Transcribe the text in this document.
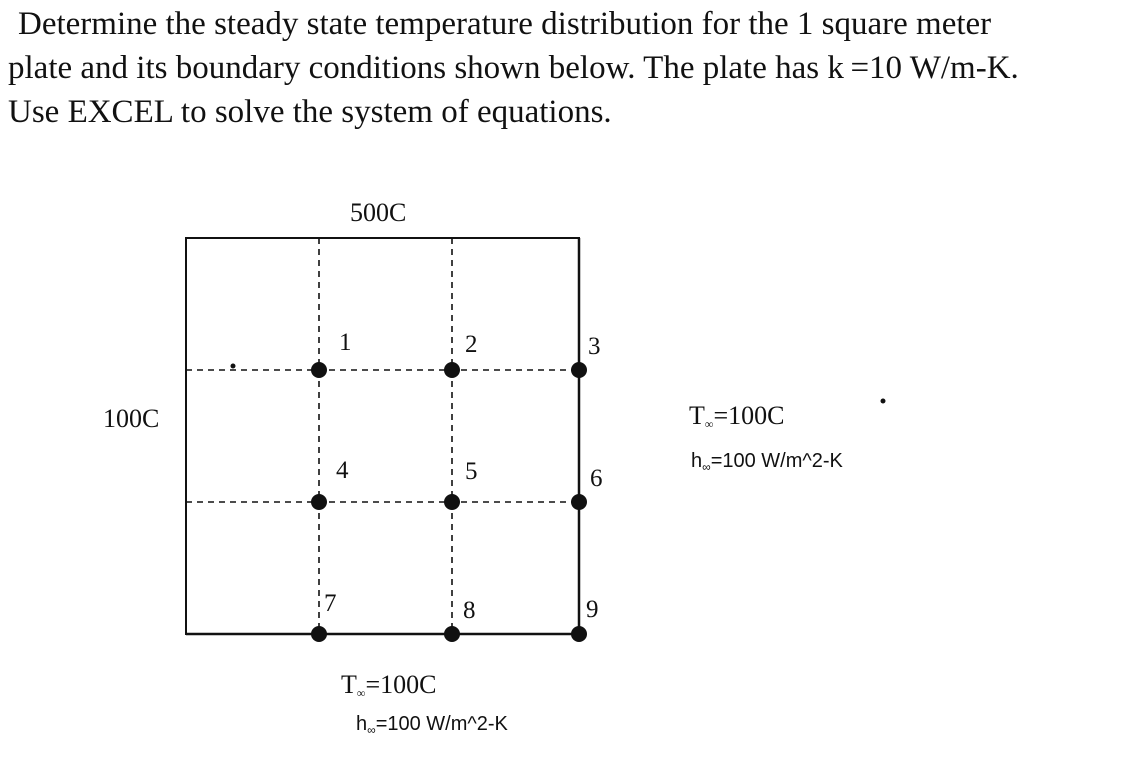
Determine the steady state temperature distribution for the 1 square meter
plate and its boundary conditions shown below. The plate has k =10 W/m-K.
Use EXCEL to solve the system of equations.
500C
100C	T∞=100C
$h_\infty=100$ W/m^2-K
T∞=100C
$h_\infty=100$ W/m^2-K
1	2	3
4	5	6
7	8	9
